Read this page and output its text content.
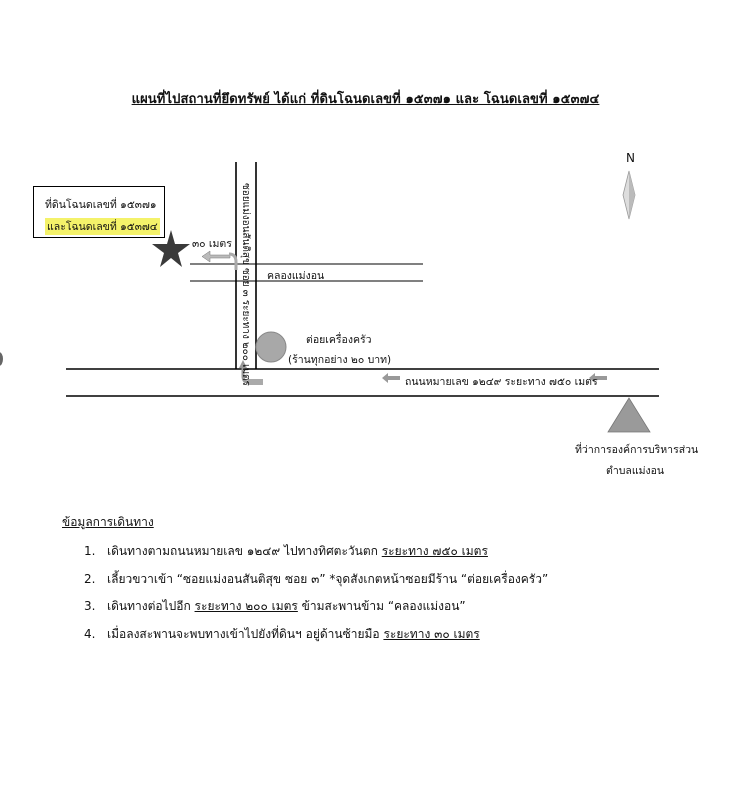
แผนที่ไปสถานที่ยึดทรัพย์ ได้แก่ ที่ดินโฉนดเลขที่ ๑๕๓๗๑ และ โฉนดเลขที่ ๑๕๓๗๔
N
ที่ดินโฉนดเลขที่ ๑๕๓๗๑
และโฉนดเลขที่ ๑๕๓๗๔
๓๐ เมตร ซอยแม่งอนสันติสุข ซอย ๓ ระยะทาง ๒๐๐ เมตร คลองแม่งอน
ต่อยเครื่องครัว
(ร้านทุกอย่าง ๒๐ บาท)
ถนนหมายเลข ๑๒๔๙ ระยะทาง ๗๕๐ เมตร
ที่ว่าการองค์การบริหารส่วน
ตำบลแม่งอน
ข้อมูลการเดินทาง
1. เดินทางตามถนนหมายเลข ๑๒๔๙ ไปทางทิศตะวันตก ระยะทาง ๗๕๐ เมตร
2. เลี้ยวขวาเข้า “ซอยแม่งอนสันติสุข ซอย ๓” *จุดสังเกตหน้าซอยมีร้าน “ต่อยเครื่องครัว”
3. เดินทางต่อไปอีก ระยะทาง ๒๐๐ เมตร ข้ามสะพานข้าม “คลองแม่งอน”
4. เมื่อลงสะพานจะพบทางเข้าไปยังที่ดินฯ อยู่ด้านซ้ายมือ ระยะทาง ๓๐ เมตร
